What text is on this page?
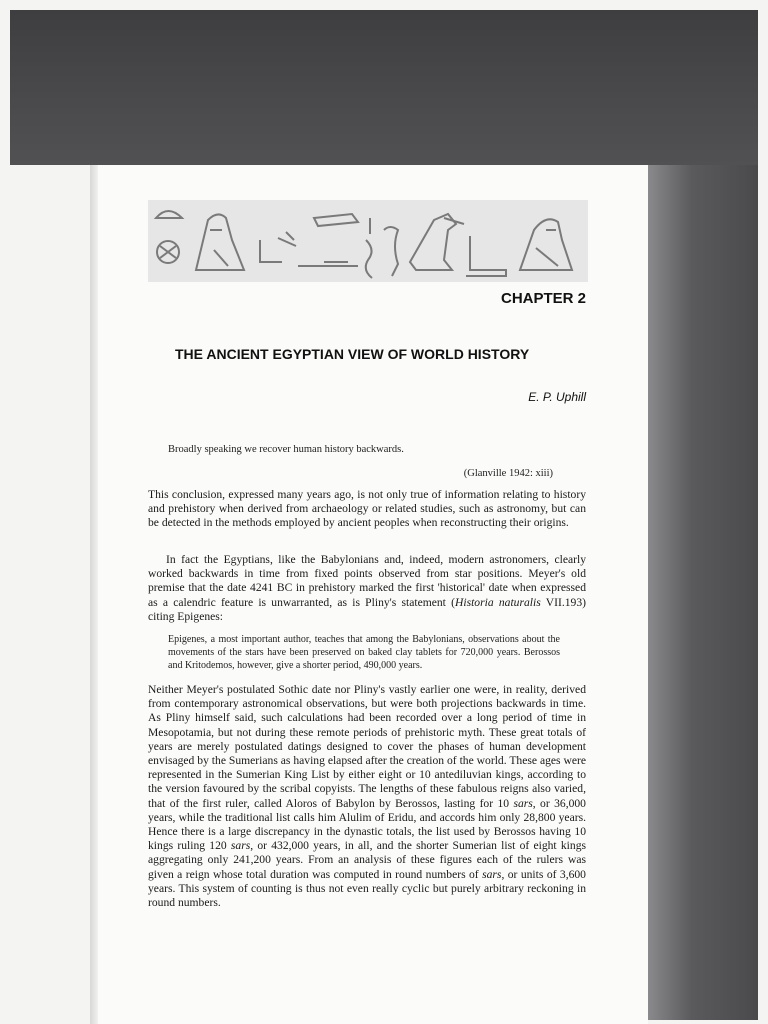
CHAPTER 2
THE ANCIENT EGYPTIAN VIEW OF WORLD HISTORY
E. P. Uphill
Broadly speaking we recover human history backwards.
(Glanville 1942: xiii)

This conclusion, expressed many years ago, is not only true of information relating to history and prehistory when derived from archaeology or related studies, such as astronomy, but can be detected in the methods employed by ancient peoples when reconstructing their origins.

In fact the Egyptians, like the Babylonians and, indeed, modern astronomers, clearly worked backwards in time from fixed points observed from star positions. Meyer's old premise that the date 4241 BC in prehistory marked the first 'historical' date when expressed as a calendric feature is unwarranted, as is Pliny's statement (Historia naturalis VII.193) citing Epigenes:

Epigenes, a most important author, teaches that among the Babylonians, observations about the movements of the stars have been preserved on baked clay tablets for 720,000 years. Berossos and Kritodemos, however, give a shorter period, 490,000 years.

Neither Meyer's postulated Sothic date nor Pliny's vastly earlier one were, in reality, derived from contemporary astronomical observations, but were both projections backwards in time. As Pliny himself said, such calculations had been recorded over a long period of time in Mesopotamia, but not during these remote periods of prehistoric myth. These great totals of years are merely postulated datings designed to cover the phases of human development envisaged by the Sumerians as having elapsed after the creation of the world. These ages were represented in the Sumerian King List by either eight or 10 antediluvian kings, according to the version favoured by the scribal copyists. The lengths of these fabulous reigns also varied, that of the first ruler, called Aloros of Babylon by Berossos, lasting for 10 sars, or 36,000 years, while the traditional list calls him Alulim of Eridu, and accords him only 28,800 years. Hence there is a large discrepancy in the dynastic totals, the list used by Berossos having 10 kings ruling 120 sars, or 432,000 years, in all, and the shorter Sumerian list of eight kings aggregating only 241,200 years. From an analysis of these figures each of the rulers was given a reign whose total duration was computed in round numbers of sars, or units of 3,600 years. This system of counting is thus not even really cyclic but purely arbitrary reckoning in round numbers.
